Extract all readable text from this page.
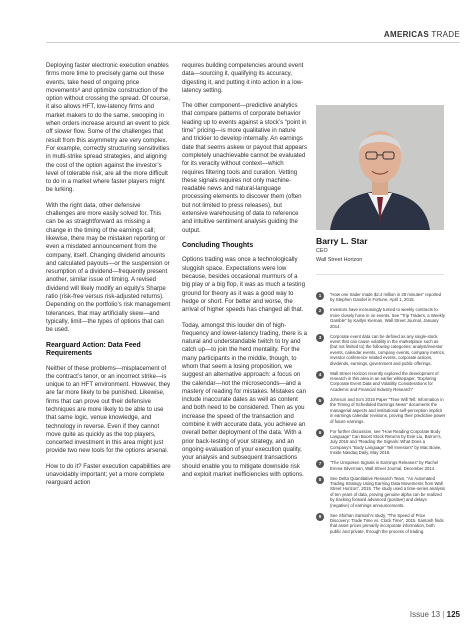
AMERICAS TRADE

Deploying faster electronic execution enables firms more time to precisely game out these events, take heed of ongoing price movements⁸ and optimize construction of the option without crossing the spread. Of course, it also allows HFT, low-latency firms and market makers to do the same, swooping in when orders increase around an event to pick off slower flow. Some of the challenges that result from this asymmetry are very complex. For example, correctly structuring sensitivities in multi-strike spread strategies, and aligning the cost of the option against the investor’s level of tolerable risk, are all the more difficult to do in a market where faster players might be lurking.

With the right data, other defensive challenges are more easily solved for. This can be as straightforward as missing a change in the timing of the earnings call; likewise, there may be mistaken reporting or even a misdated announcement from the company, itself. Changing dividend amounts and calculated payouts—or the suspension or resumption of a dividend—frequently present another, similar issue of timing. A revised dividend will likely modify an equity’s Sharpe ratio (risk-free versus risk-adjusted returns). Depending on the portfolio’s risk management tolerances, that may artificially skew—and typically, limit—the types of options that can be used.

Rearguard Action: Data Feed Requirements

Neither of these problems—misplacement of the contract’s tenor, or an incorrect strike—is unique to an HFT environment. However, they are far more likely to be punished. Likewise, firms that can prove out their defensive techniques are more likely to be able to use that same logic, venue knowledge, and technology in reverse. Even if they cannot move quite as quickly as the top players, concerted investment in this area might just provide two new tools for the options arsenal.

How to do it? Faster execution capabilities are unavoidably important; yet a more complete rearguard action

requires building competencies around event data—sourcing it, qualifying its accuracy, digesting it, and putting it into action in a low-latency setting.

The other component—predictive analytics that compare patterns of corporate behavior leading up to events against a stock’s “point in time” pricing—is more qualitative in nature and trickier to develop internally. An earnings date that seems askew or payout that appears completely unachievable cannot be evaluated for its veracity without context—which requires filtering tools and curation. Vetting these signals requires not only machine-readable news and natural-language processing elements to discover them (often but not limited to press releases), but extensive warehousing of data to reference and intuitive sentiment analysis guiding the output.

Concluding Thoughts

Options trading was once a technologically sluggish space. Expectations were low because, besides occasional murmurs of a big play or a big flop, it was as much a testing ground for theory as it was a good way to hedge or short. For better and worse, the arrival of higher speeds has changed all that.

Today, amongst this louder din of high-frequency and lower-latency trading, there is a natural and understandable twitch to try and catch up—to join the herd mentality. For the many participants in the middle, though, to whom that seem a losing proposition, we suggest an alternative approach: a focus on the calendar—not the microseconds—and a mastery of reading for mistakes. Mistakes can include inaccurate dates as well as content and both need to be considered. Then as you increase the speed of the transaction and combine it with accurate data, you achieve an overall better deployment of the data. With a prior back-testing of your strategy, and an ongoing evaluation of your execution quality, your analysis and subsequent transactions should enable you to mitigate downside risk and exploit market inefficiencies with options.

Barry L. Star
CEO
Wall Street Horizon
1	“How one trader made $2.4 million in 28 minutes” reported by Stephen Gandel in Fortune, April 1, 2015.
2	Investors have increasingly turned to weekly contracts to more closely hone in on events. See “Trip Traders, a Weekly Gamble” by Kaitlyn Kiernan, Wall Street Journal, January 2014.
3	Corporate event data can be defined as any single-stock event that can cause volatility in the marketplace such as (but not limited to) the following categories: analyst/investor events, calendar events, company events, company metrics, investor conference related events, corporate actions, dividends, earnings, government and public offerings.
4	Wall Street Horizon recently explored the development of research in this area in an earlier whitepaper, “Exploring Corporate Event Data and Volatility Considerations for Academic and Financial Industry Research”
5	Johnson and So’s 2015 Paper “Time Will Tell: Information in the Timing of Scheduled Earnings News” documents the managerial aspects and institutional self-perception implicit in earnings calendar revisions, proving their predictive power of future earnings.
6	For further discussion, see “How Reading Corporate Body Language” Can Boost Stock Returns by Evie Liu, Barron’s, July 2018 and “Reading the Signals: What Does a Company’s “Body Language” Tell Investors” by Mac Bowe, Inside Nasdaq Daily, May 2018.
7	“The Unspoken Signals in Earnings Releases” by Rachel Emma Silverman, Wall Street Journal, December 2014.
8	See Delta Quantitative Research Team, “An Automated Trading Strategy Using Earning Data Movements from Wall Street Horizon”, 2015. The study used a time-series analysis of ten years of data, proving genuine alpha can be realized by tracking forward advanced (positive) and delays (negative) of earnings announcements.
9	See Shirhan Santosh’s study, “The Speed of Price Discovery: Trade Time vs. Clock Time”, 2015. Santosh finds that asset prices primarily incorporate information, both public and private, through the process of trading.
Issue 13 | 125
